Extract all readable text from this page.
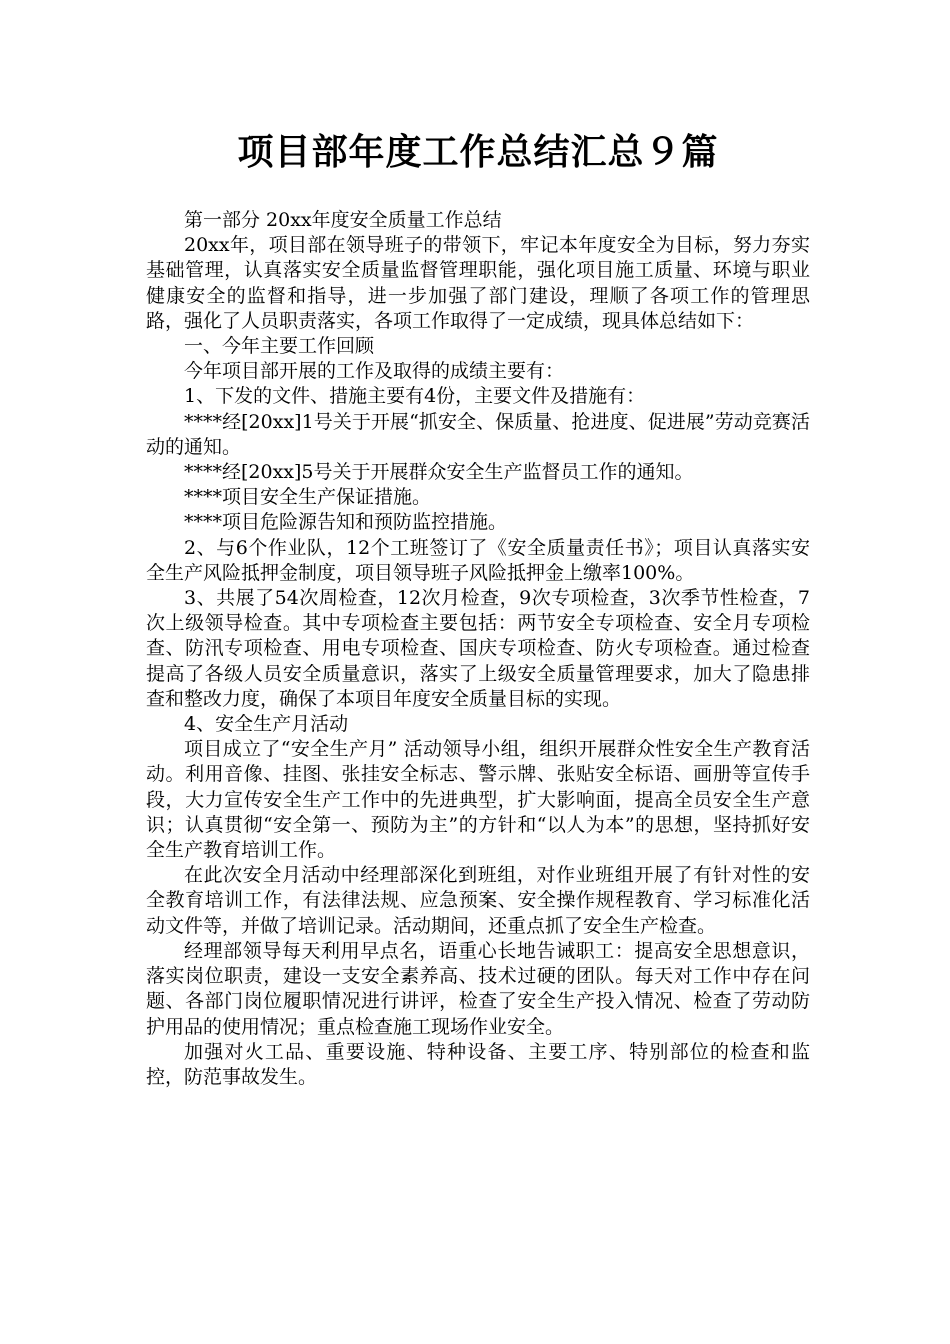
项目部年度工作总结汇总９篇

第一部分 20xx年度安全质量工作总结

20xx年，项目部在领导班子的带领下，牢记本年度安全为目标，努力夯实基础管理，认真落实安全质量监督管理职能，强化项目施工质量、环境与职业健康安全的监督和指导，进一步加强了部门建设，理顺了各项工作的管理思路，强化了人员职责落实，各项工作取得了一定成绩，现具体总结如下：

一、今年主要工作回顾

今年项目部开展的工作及取得的成绩主要有：

1、下发的文件、措施主要有4份，主要文件及措施有：

****经[20xx]1号关于开展“抓安全、保质量、抢进度、促进展”劳动竞赛活动的通知。

****经[20xx]5号关于开展群众安全生产监督员工作的通知。

****项目安全生产保证措施。

****项目危险源告知和预防监控措施。

2、与6个作业队，12个工班签订了《安全质量责任书》；项目认真落实安全生产风险抵押金制度，项目领导班子风险抵押金上缴率100%。

3、共展了54次周检查，12次月检查，9次专项检查，3次季节性检查，7次上级领导检查。其中专项检查主要包括：两节安全专项检查、安全月专项检查、防汛专项检查、用电专项检查、国庆专项检查、防火专项检查。通过检查提高了各级人员安全质量意识，落实了上级安全质量管理要求，加大了隐患排查和整改力度，确保了本项目年度安全质量目标的实现。

4、安全生产月活动

项目成立了“安全生产月” 活动领导小组，组织开展群众性安全生产教育活动。利用音像、挂图、张挂安全标志、警示牌、张贴安全标语、画册等宣传手段，大力宣传安全生产工作中的先进典型，扩大影响面，提高全员安全生产意识；认真贯彻“安全第一、预防为主”的方针和“以人为本”的思想，坚持抓好安全生产教育培训工作。

在此次安全月活动中经理部深化到班组，对作业班组开展了有针对性的安全教育培训工作，有法律法规、应急预案、安全操作规程教育、学习标准化活动文件等，并做了培训记录。活动期间，还重点抓了安全生产检查。

经理部领导每天利用早点名，语重心长地告诫职工：提高安全思想意识，落实岗位职责，建设一支安全素养高、技术过硬的团队。每天对工作中存在问题、各部门岗位履职情况进行讲评，检查了安全生产投入情况、检查了劳动防护用品的使用情况；重点检查施工现场作业安全。

加强对火工品、重要设施、特种设备、主要工序、特别部位的检查和监控，防范事故发生。
